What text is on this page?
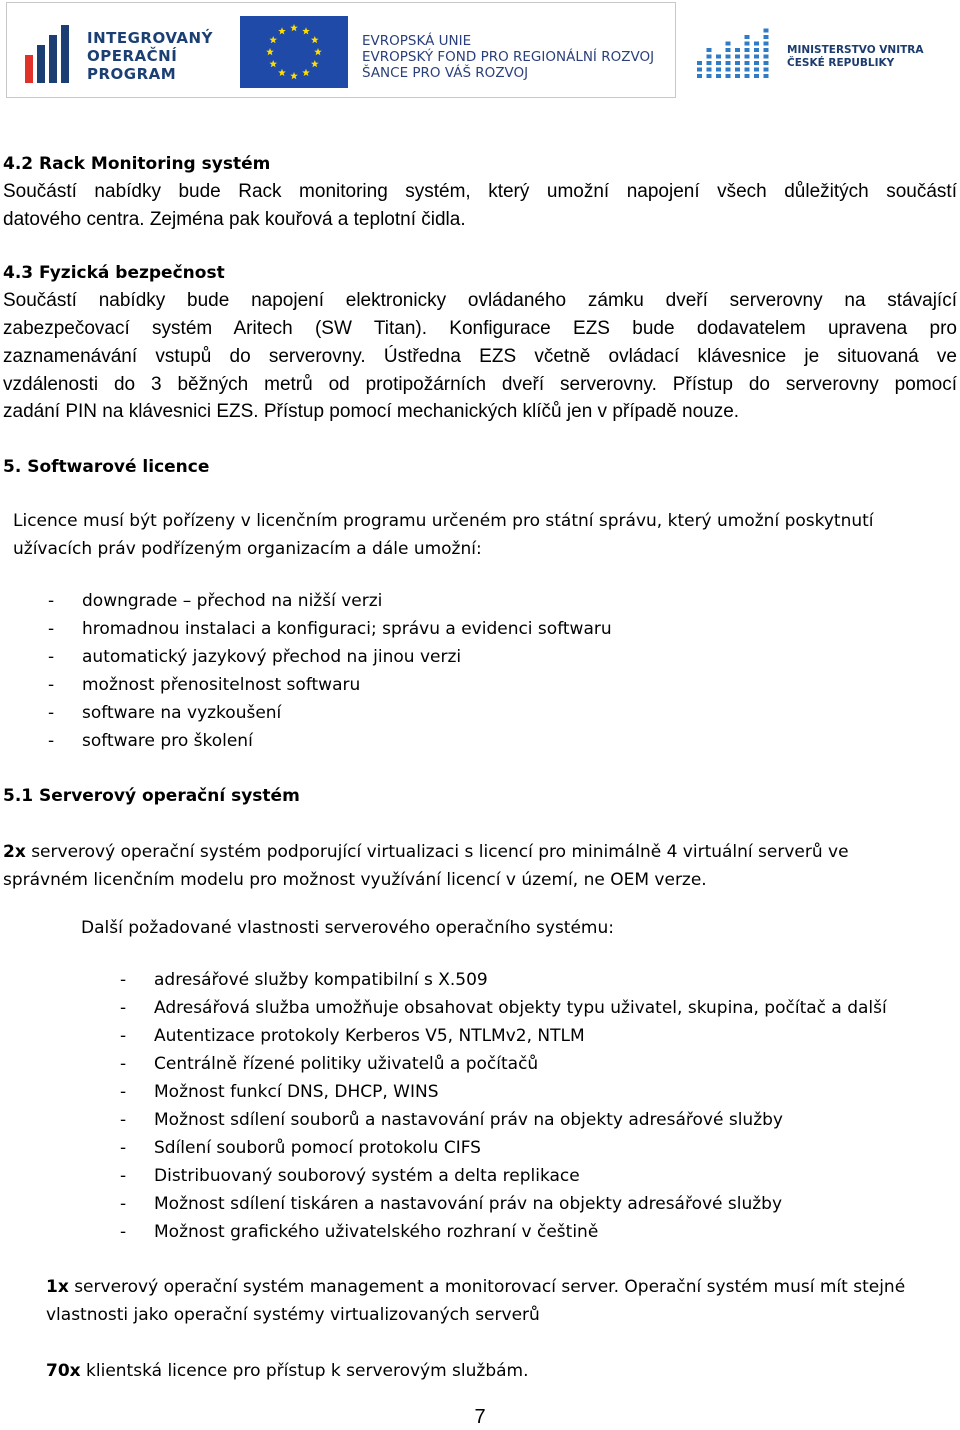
INTEGROVANÝ
OPERAČNÍ
PROGRAM
EVROPSKÁ UNIE
EVROPSKÝ FOND PRO REGIONÁLNÍ ROZVOJ
ŠANCE PRO VÁŠ ROZVOJ
MINISTERSTVO VNITRA
ČESKÉ REPUBLIKY
4.2 Rack Monitoring systém
Součástí nabídky bude Rack monitoring systém, který umožní napojení všech důležitých součástí
datového centra. Zejména pak kouřová a teplotní čidla.
4.3 Fyzická bezpečnost
Součástí nabídky bude napojení elektronicky ovládaného zámku dveří serverovny na stávající
zabezpečovací systém Aritech (SW Titan). Konfigurace EZS bude dodavatelem upravena pro
zaznamenávání vstupů do serverovny. Ústředna EZS včetně ovládací klávesnice je situovaná ve
vzdálenosti do 3 běžných metrů od protipožárních dveří serverovny. Přístup do serverovny pomocí
zadání PIN na klávesnici EZS. Přístup pomocí mechanických klíčů jen v případě nouze.
5. Softwarové licence
Licence musí být pořízeny v licenčním programu určeném pro státní správu, který umožní poskytnutí
užívacích práv podřízeným organizacím a dále umožní:
- downgrade – přechod na nižší verzi
- hromadnou instalaci a konfiguraci; správu a evidenci softwaru
- automatický jazykový přechod na jinou verzi
- možnost přenositelnost softwaru
- software na vyzkoušení
- software pro školení
5.1 Serverový operační systém
2x serverový operační systém podporující virtualizaci s licencí pro minimálně 4 virtuální serverů ve
správném licenčním modelu pro možnost využívání licencí v území, ne OEM verze.
Další požadované vlastnosti serverového operačního systému:
- adresářové služby kompatibilní s X.509
- Adresářová služba umožňuje obsahovat objekty typu uživatel, skupina, počítač a další
- Autentizace protokoly Kerberos V5, NTLMv2, NTLM
- Centrálně řízené politiky uživatelů a počítačů
- Možnost funkcí DNS, DHCP, WINS
- Možnost sdílení souborů a nastavování práv na objekty adresářové služby
- Sdílení souborů pomocí protokolu CIFS
- Distribuovaný souborový systém a delta replikace
- Možnost sdílení tiskáren a nastavování práv na objekty adresářové služby
- Možnost grafického uživatelského rozhraní v češtině
1x serverový operační systém management a monitorovací server. Operační systém musí mít stejné
vlastnosti jako operační systémy virtualizovaných serverů
70x klientská licence pro přístup k serverovým službám.
7
